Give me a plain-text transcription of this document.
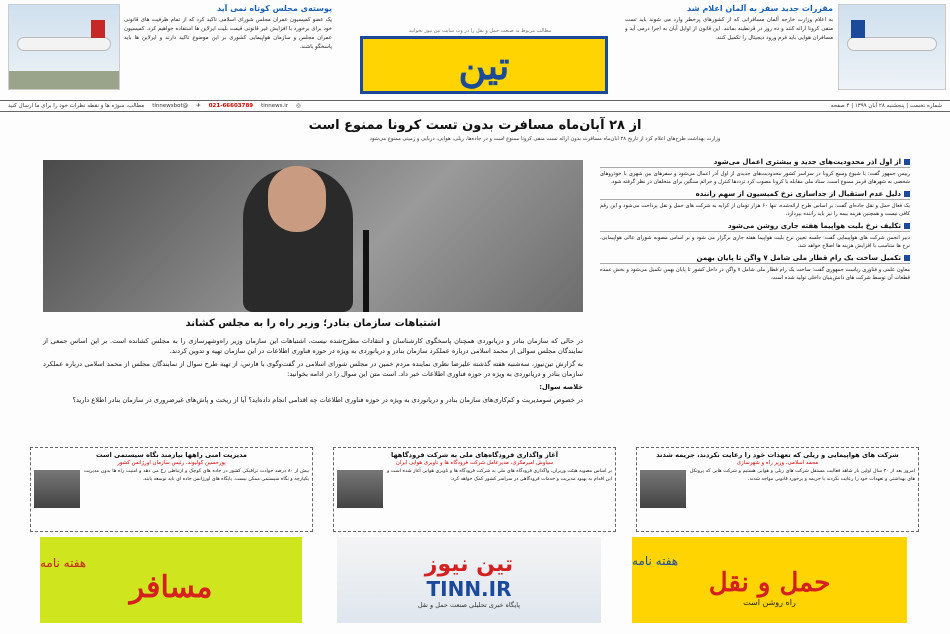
پوسته‌ی مجلس کوتاه نمی آید
یک عضو کمیسیون عمران مجلس شورای اسلامی تاکید کرد که از تمام ظرفیت های قانونی خود برای برخورد با افزایش غیر قانونی قیمت بلیت ایرلاین ها استفاده خواهیم کرد. کمیسیون عمران مجلس و سازمان هواپیمایی کشوری بر این موضوع تاکید دارند و ایرلاین ها باید پاسخگو باشند.
مطالب مربوط به صنعت حمل و نقل را در وب سایت تین نیوز بخوانید
تین
مقررات جدید سفر به آلمان اعلام شد
به اعلام وزارت خارجه آلمان مسافرانی که از کشورهای پرخطر وارد می شوند باید تست منفی کرونا ارائه کنند و ده روز در قرنطینه بمانند. این قانون از اوایل آبان به اجرا درمی آید و مسافران هوایی باید فرم ورود دیجیتال را تکمیل کنند.
شماره نخست | پنجشنبه ۲۸ آبان ۱۳۹۹ | ۴ صفحه
◎
tinnews.ir
021-66603789
✈
@tinnewsbot
مطالب، سوژه ها و نقطه نظرات خود را برای ما ارسال کنید
از ۲۸ آبان‌ماه مسافرت بدون تست کرونا ممنوع است
وزارت بهداشت طرح‌های اعلام کرد از تاریخ ۲۸ آبان‌ماه مسافرت‌ بدون ارائه تست منفی کرونا ممنوع است و در جاده‌ها، ریلی، هوایی، دریایی و زمینی ممنوع می‌شود
اشتباهات سازمان بنادر؛ وزیر راه را به مجلس کشاند

در حالی که سازمان بنادر و دریانوردی همچنان پاسخگوی کارشناسان و انتقادات مطرح‌شده نیست، اشتباهات این سازمان وزیر راه‌وشهرسازی را به مجلس کشانده است. بر این اساس جمعی از نمایندگان مجلس سوالی از محمد اسلامی درباره عملکرد سازمان بنادر و دریانوردی به ویژه در حوزه فناوری اطلاعات در این سازمان تهیه و تدوین کردند.

به گزارش تین‌نیوز، سه‌شنبه هفته گذشته علیرضا نظری نماینده مردم خمین در مجلس شورای اسلامی در گفت‌وگوی با فارس، از تهیه طرح سوال از نمایندگان مجلس از محمد اسلامی درباره عملکرد سازمان بنادر و دریانوردی به ویژه در حوزه فناوری اطلاعات خبر داد. است متن این سوال را در ادامه بخوانید:

خلاصه سوال:

در خصوص سومدیریت و کم‌کاری‌های سازمان بنادر و دریانوردی به ویژه در حوزه فناوری اطلاعات چه اقدامی انجام داده‌اید؟ آیا از ریخت و پاش‌های غیرضروری در سازمان بنادر اطلاع دارید؟

از اول آذر محدودیت‌های جدید و بیشتری اعمال می‌شود

رییس جمهور گفت: با شیوع وسیع کرونا در سراسر کشور محدودیت‌های جدیدی از اول آذر اعمال می‌شود و سفرهای بین شهری با خودروهای شخصی به شهرهای قرمز ممنوع است. ستاد ملی مقابله با کرونا مصوب کرد ترددها کنترل و جرائم سنگین برای متخلفان در نظر گرفته شود.

دلیل عدم استقبال از جداسازی نرخ کمیسیون از سهم راننده

یک فعال حمل و نقل جاده‌ای گفت: بر اساس طرح ارائه‌شده، تنها ۶۰ هزار تومان از کرایه به شرکت های حمل و نقل پرداخت می‌شود و این رقم کافی نیست و همچنین هزینه بیمه را نیز باید راننده بپردازد.

تکلیف نرخ بلیت هواپیما هفته جاری روشن می‌شود

دبیر انجمن شرکت های هواپیمایی گفت: جلسه تعیین نرخ بلیت هواپیما هفته جاری برگزار می شود و بر اساس مصوبه شورای عالی هواپیمایی، نرخ ها متناسب با افزایش هزینه ها اصلاح خواهد شد.

تکمیل ساخت یک رام قطار ملی شامل ۷ واگن تا پایان بهمن

معاون علمی و فناوری ریاست جمهوری گفت: ساخت یک رام قطار ملی شامل ۷ واگن در داخل کشور تا پایان بهمن تکمیل می‌شود و بخش عمده قطعات آن توسط شرکت های دانش‌بنیان داخلی تولید شده است.

مدیریت امنی راهها نیازمند نگاه سیستمی است
پورحسین کولیوند، رئیس سازمان اورژانس کشور

بیش از ۸۰ درصد حوادث ترافیکی کشور در جاده های کوچک و ارتباطی رخ می دهد و امنیت راه ها بدون مدیریت یکپارچه و نگاه سیستمی ممکن نیست. پایگاه های اورژانس جاده ای باید توسعه یابند.

آغاز واگذاری فرودگاه‌های ملی به شرکت فرودگاهها
سیاوش امیرمکری، مدیرعامل شرکت فرودگاه ها و ناوبری هوایی ایران

بر اساس مصوبه هیئت وزیران، واگذاری فرودگاه های ملی به شرکت فرودگاه ها و ناوبری هوایی آغاز شده است و این اقدام به بهبود مدیریت و خدمات فرودگاهی در سراسر کشور کمک خواهد کرد.

شرکت های هواپیمایی و ریلی که تعهدات خود را رعایت نکردند، جریمه شدند
محمد اسلامی، وزیر راه و شهرسازی

امروز بعد از ۴۰ سال اولین بار شاهد فعالیت مستقل شرکت های ریلی و هوایی هستیم و شرکت هایی که پروتکل های بهداشتی و تعهدات خود را رعایت نکردند با جریمه و برخورد قانونی مواجه شدند.

هفته نامه
مسافر
تین نیوز
TINN.IR
پایگاه خبری تحلیلی صنعت حمل و نقل
هفته نامه
حمل و نقل
راه روشن است
